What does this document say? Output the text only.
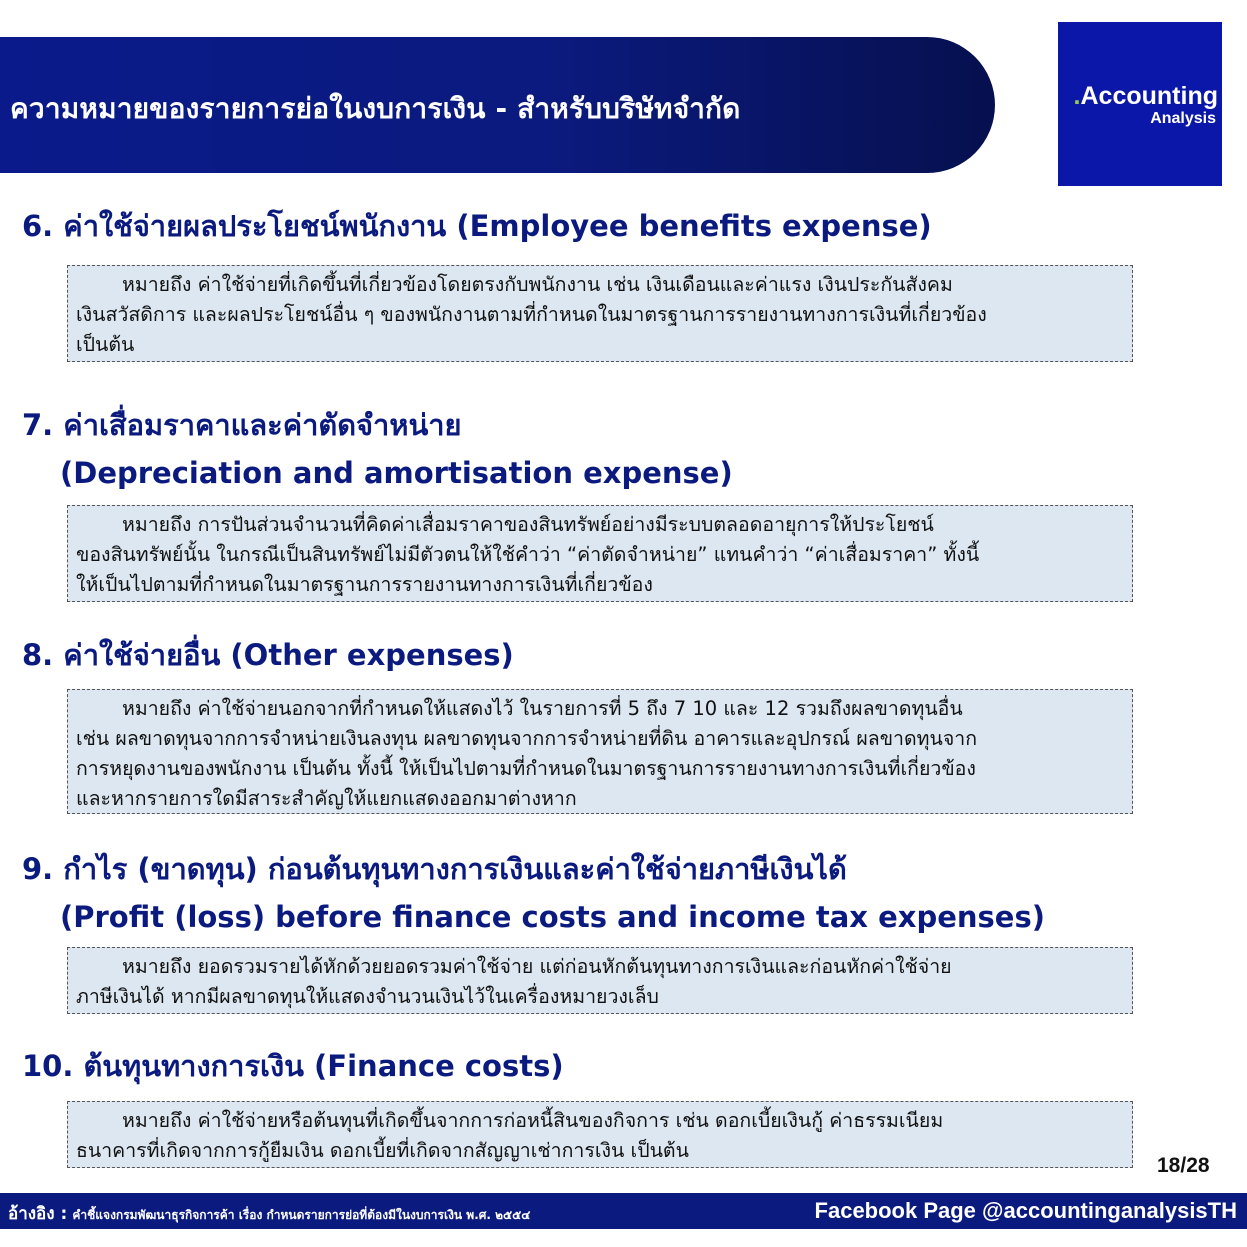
ความหมายของรายการย่อในงบการเงิน - สำหรับบริษัทจำกัด	.Accounting
Analysis
6. ค่าใช้จ่ายผลประโยชน์พนักงาน (Employee benefits expense)
หมายถึง ค่าใช้จ่ายที่เกิดขึ้นที่เกี่ยวข้องโดยตรงกับพนักงาน เช่น เงินเดือนและค่าแรง เงินประกันสังคม
เงินสวัสดิการ และผลประโยชน์อื่น ๆ ของพนักงานตามที่กำหนดในมาตรฐานการรายงานทางการเงินที่เกี่ยวข้อง
เป็นต้น
7. ค่าเสื่อมราคาและค่าตัดจำหน่าย
(Depreciation and amortisation expense)
หมายถึง การปันส่วนจำนวนที่คิดค่าเสื่อมราคาของสินทรัพย์อย่างมีระบบตลอดอายุการให้ประโยชน์
ของสินทรัพย์นั้น ในกรณีเป็นสินทรัพย์ไม่มีตัวตนให้ใช้คำว่า “ค่าตัดจำหน่าย” แทนคำว่า “ค่าเสื่อมราคา” ทั้งนี้
ให้เป็นไปตามที่กำหนดในมาตรฐานการรายงานทางการเงินที่เกี่ยวข้อง
8. ค่าใช้จ่ายอื่น (Other expenses)
หมายถึง ค่าใช้จ่ายนอกจากที่กำหนดให้แสดงไว้ ในรายการที่ 5 ถึง 7 10 และ 12 รวมถึงผลขาดทุนอื่น
เช่น ผลขาดทุนจากการจำหน่ายเงินลงทุน ผลขาดทุนจากการจำหน่ายที่ดิน อาคารและอุปกรณ์ ผลขาดทุนจาก
การหยุดงานของพนักงาน เป็นต้น ทั้งนี้ ให้เป็นไปตามที่กำหนดในมาตรฐานการรายงานทางการเงินที่เกี่ยวข้อง
และหากรายการใดมีสาระสำคัญให้แยกแสดงออกมาต่างหาก
9. กำไร (ขาดทุน) ก่อนต้นทุนทางการเงินและค่าใช้จ่ายภาษีเงินได้
(Profit (loss) before finance costs and income tax expenses)
หมายถึง ยอดรวมรายได้หักด้วยยอดรวมค่าใช้จ่าย แต่ก่อนหักต้นทุนทางการเงินและก่อนหักค่าใช้จ่าย
ภาษีเงินได้ หากมีผลขาดทุนให้แสดงจำนวนเงินไว้ในเครื่องหมายวงเล็บ
10. ต้นทุนทางการเงิน (Finance costs)
หมายถึง ค่าใช้จ่ายหรือต้นทุนที่เกิดขึ้นจากการก่อหนี้สินของกิจการ เช่น ดอกเบี้ยเงินกู้ ค่าธรรมเนียม
ธนาคารที่เกิดจากการกู้ยืมเงิน ดอกเบี้ยที่เกิดจากสัญญาเช่าการเงิน เป็นต้น
18/28
อ้างอิง : คำชี้แจงกรมพัฒนาธุรกิจการค้า เรื่อง กำหนดรายการย่อที่ต้องมีในงบการเงิน พ.ศ. ๒๕๕๔	Facebook Page @accountinganalysisTH
